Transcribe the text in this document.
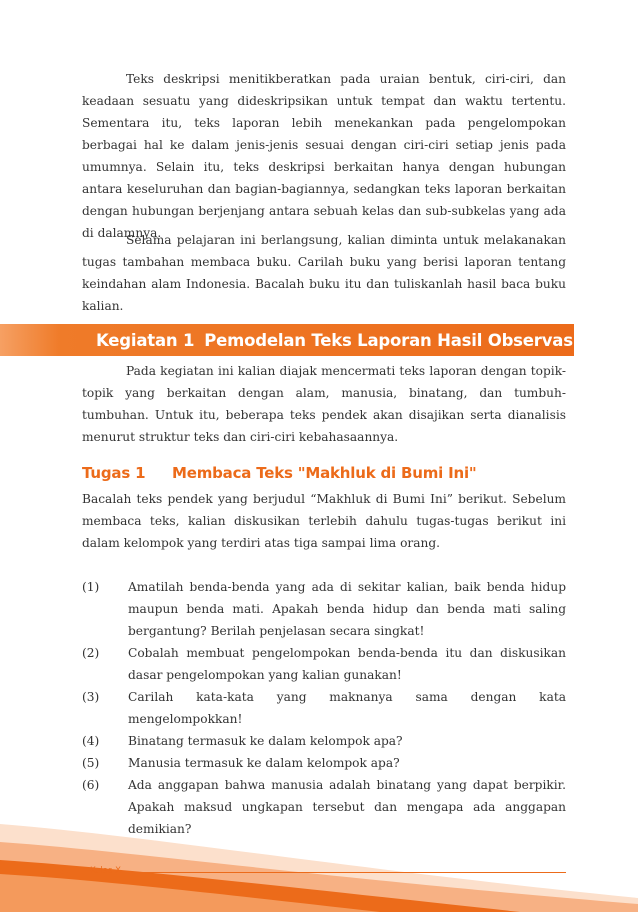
Teks deskripsi menitikberatkan pada uraian bentuk, ciri-ciri, dan keadaan sesuatu yang dideskripsikan untuk tempat dan waktu tertentu. Sementara itu, teks laporan lebih menekankan pada pengelompokan berbagai hal ke dalam jenis-jenis sesuai dengan ciri-ciri setiap jenis pada umumnya. Selain itu, teks deskripsi berkaitan hanya dengan hubungan antara keseluruhan dan bagian-bagiannya, sedangkan teks laporan berkaitan dengan hubungan berjenjang antara sebuah kelas dan sub-subkelas yang ada di dalamnya.

Selama pelajaran ini berlangsung, kalian diminta untuk melakanakan tugas tambahan membaca buku. Carilah buku yang berisi laporan tentang keindahan alam Indonesia. Bacalah buku itu dan tuliskanlah hasil baca buku kalian.

Kegiatan 1 Pemodelan Teks Laporan Hasil Observasi

Pada kegiatan ini kalian diajak mencermati teks laporan dengan topik-topik yang berkaitan dengan alam, manusia, binatang, dan tumbuh-tumbuhan. Untuk itu, beberapa teks pendek akan disajikan serta dianalisis menurut struktur teks dan ciri-ciri kebahasaannya.

Tugas 1 Membaca Teks "Makhluk di Bumi Ini"

Bacalah teks pendek yang berjudul “Makhluk di Bumi Ini” berikut. Sebelum membaca teks, kalian diskusikan terlebih dahulu tugas-tugas berikut ini dalam kelompok yang terdiri atas tiga sampai lima orang.

(1) Amatilah benda-benda yang ada di sekitar kalian, baik benda hidup maupun benda mati. Apakah benda hidup dan benda mati saling bergantung? Berilah penjelasan secara singkat!
(2) Cobalah membuat pengelompokan benda-benda itu dan diskusikan dasar pengelompokan yang kalian gunakan!
(3) Carilah kata-kata yang maknanya sama dengan kata mengelompokkan!
(4) Binatang termasuk ke dalam kelompok apa?
(5) Manusia termasuk ke dalam kelompok apa?
(6) Ada anggapan bahwa manusia adalah binatang yang dapat berpikir. Apakah maksud ungkapan tersebut dan mengapa ada anggapan demikian?
4	Kelas X
